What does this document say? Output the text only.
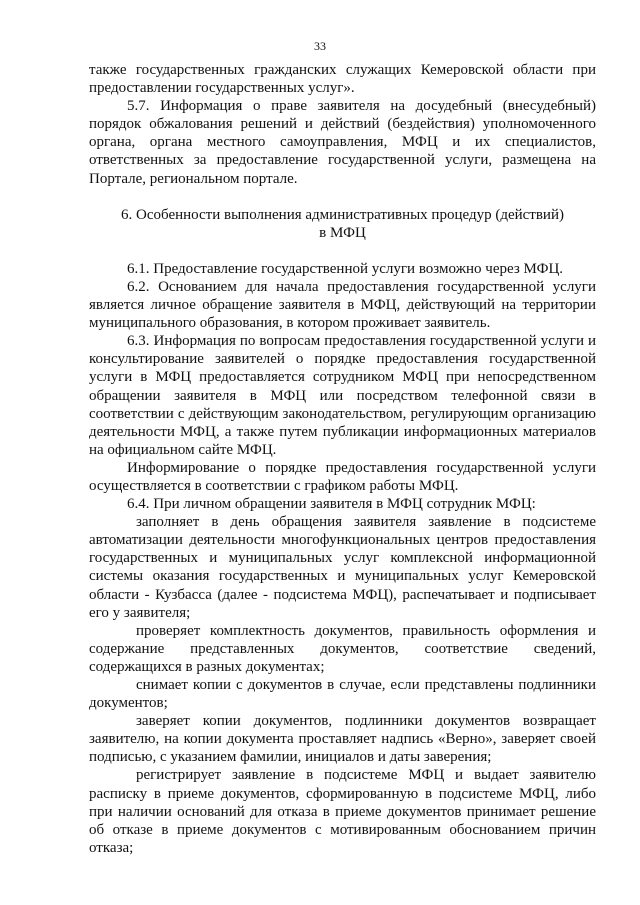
33

также государственных гражданских служащих Кемеровской области при предоставлении государственных услуг».

5.7. Информация о праве заявителя на досудебный (внесудебный) порядок обжалования решений и действий (бездействия) уполномоченного органа, органа местного самоуправления, МФЦ и их специалистов, ответственных за предоставление государственной услуги, размещена на Портале, региональном портале.

6. Особенности выполнения административных процедур (действий)
в МФЦ

6.1. Предоставление государственной услуги возможно через МФЦ.

6.2. Основанием для начала предоставления государственной услуги является личное обращение заявителя в МФЦ, действующий на территории муниципального образования, в котором проживает заявитель.

6.3. Информация по вопросам предоставления государственной услуги и консультирование заявителей о порядке предоставления государственной услуги в МФЦ предоставляется сотрудником МФЦ при непосредственном обращении заявителя в МФЦ или посредством телефонной связи в соответствии с действующим законодательством, регулирующим организацию деятельности МФЦ, а также путем публикации информационных материалов на официальном сайте МФЦ.

Информирование о порядке предоставления государственной услуги осуществляется в соответствии с графиком работы МФЦ.

6.4. При личном обращении заявителя в МФЦ сотрудник МФЦ:

заполняет в день обращения заявителя заявление в подсистеме автоматизации деятельности многофункциональных центров предоставления государственных и муниципальных услуг комплексной информационной системы оказания государственных и муниципальных услуг Кемеровской области - Кузбасса (далее - подсистема МФЦ), распечатывает и подписывает его у заявителя;

проверяет комплектность документов, правильность оформления и содержание представленных документов, соответствие сведений, содержащихся в разных документах;

снимает копии с документов в случае, если представлены подлинники документов;

заверяет копии документов, подлинники документов возвращает заявителю, на копии документа проставляет надпись «Верно», заверяет своей подписью, с указанием фамилии, инициалов и даты заверения;

регистрирует заявление в подсистеме МФЦ и выдает заявителю расписку в приеме документов, сформированную в подсистеме МФЦ, либо при наличии оснований для отказа в приеме документов принимает решение об отказе в приеме документов с мотивированным обоснованием причин отказа;
